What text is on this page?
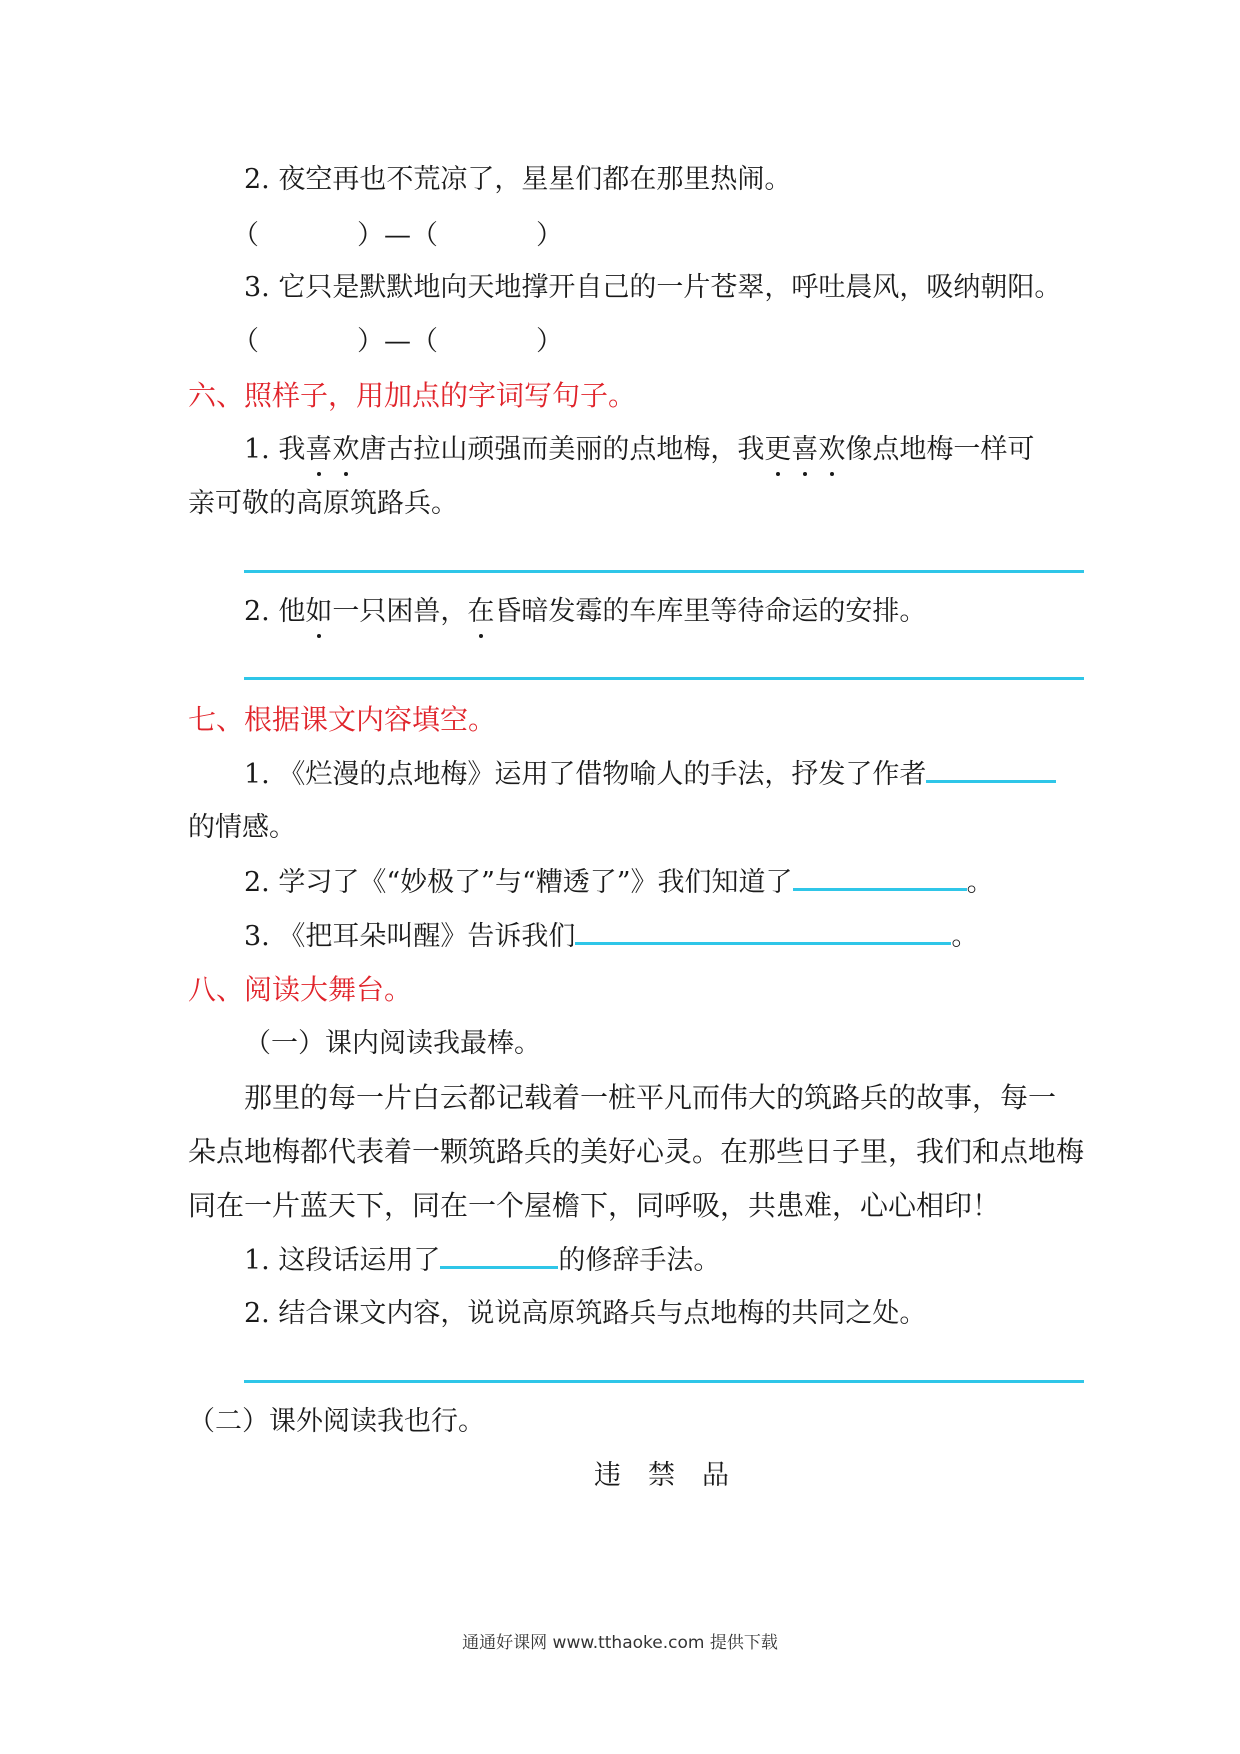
2. 夜空再也不荒凉了，星星们都在那里热闹。
（	）—（	）
3. 它只是默默地向天地撑开自己的一片苍翠，呼吐晨风，吸纳朝阳。
（	）—（	）
六、照样子，用加点的字词写句子。
1. 我喜欢唐古拉山顽强而美丽的点地梅，我更喜欢像点地梅一样可
亲可敬的高原筑路兵。
2. 他如一只困兽，在昏暗发霉的车库里等待命运的安排。
七、根据课文内容填空。
1. 《烂漫的点地梅》运用了借物喻人的手法，抒发了作者
的情感。
2. 学习了《“妙极了”与“糟透了”》我们知道了	。
3. 《把耳朵叫醒》告诉我们	。
八、阅读大舞台。
（一）课内阅读我最棒。
那里的每一片白云都记载着一桩平凡而伟大的筑路兵的故事，每一
朵点地梅都代表着一颗筑路兵的美好心灵。在那些日子里，我们和点地梅
同在一片蓝天下，同在一个屋檐下，同呼吸，共患难，心心相印！
1. 这段话运用了	的修辞手法。
2. 结合课文内容，说说高原筑路兵与点地梅的共同之处。
（二）课外阅读我也行。
违　禁　品
通通好课网 www.tthaoke.com 提供下载
